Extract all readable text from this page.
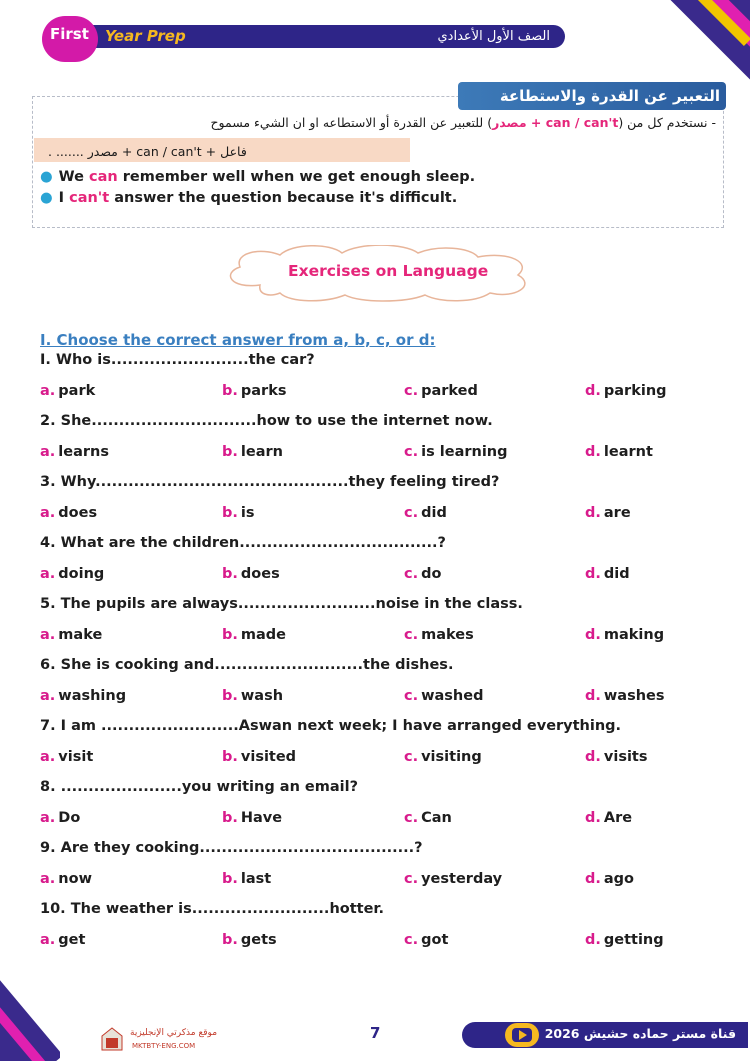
First Year Prep	الصف الأول الأعدادي
التعبير عن القدرة والاستطاعة
- نستخدم كل من (can / can't + مصدر) للتعبير عن القدرة أو الاستطاعه او ان الشيء مسموح
فاعل + can / can't + مصدر ....... .
● We can remember well when we get enough sleep.
● I can't answer the question because it's difficult.
Exercises on Language
I. Choose the correct answer from a, b, c, or d:
I. Who is.........................the car?
a. park	b. parks	c. parked	d. parking
2. She..............................how to use the internet now.
a. learns	b. learn	c. is learning	d. learnt
3. Why..............................................they feeling tired?
a. does	b. is	c. did	d. are
4. What are the children....................................?
a. doing	b. does	c. do	d. did
5. The pupils are always.........................noise in the class.
a. make	b. made	c. makes	d. making
6. She is cooking and...........................the dishes.
a. washing	b. wash	c. washed	d. washes
7. I am .........................Aswan next week; I have arranged everything.
a. visit	b. visited	c. visiting	d. visits
8. ......................you writing an email?
a. Do	b. Have	c. Can	d. Are
9. Are they cooking.......................................?
a. now	b. last	c. yesterday	d. ago
10. The weather is.........................hotter.
a. get	b. gets	c. got	d. getting
موقع مذكرتي الإنجليزية
MKTBTY-ENG.COM
7	قناة مستر حماده حشيش 2026
